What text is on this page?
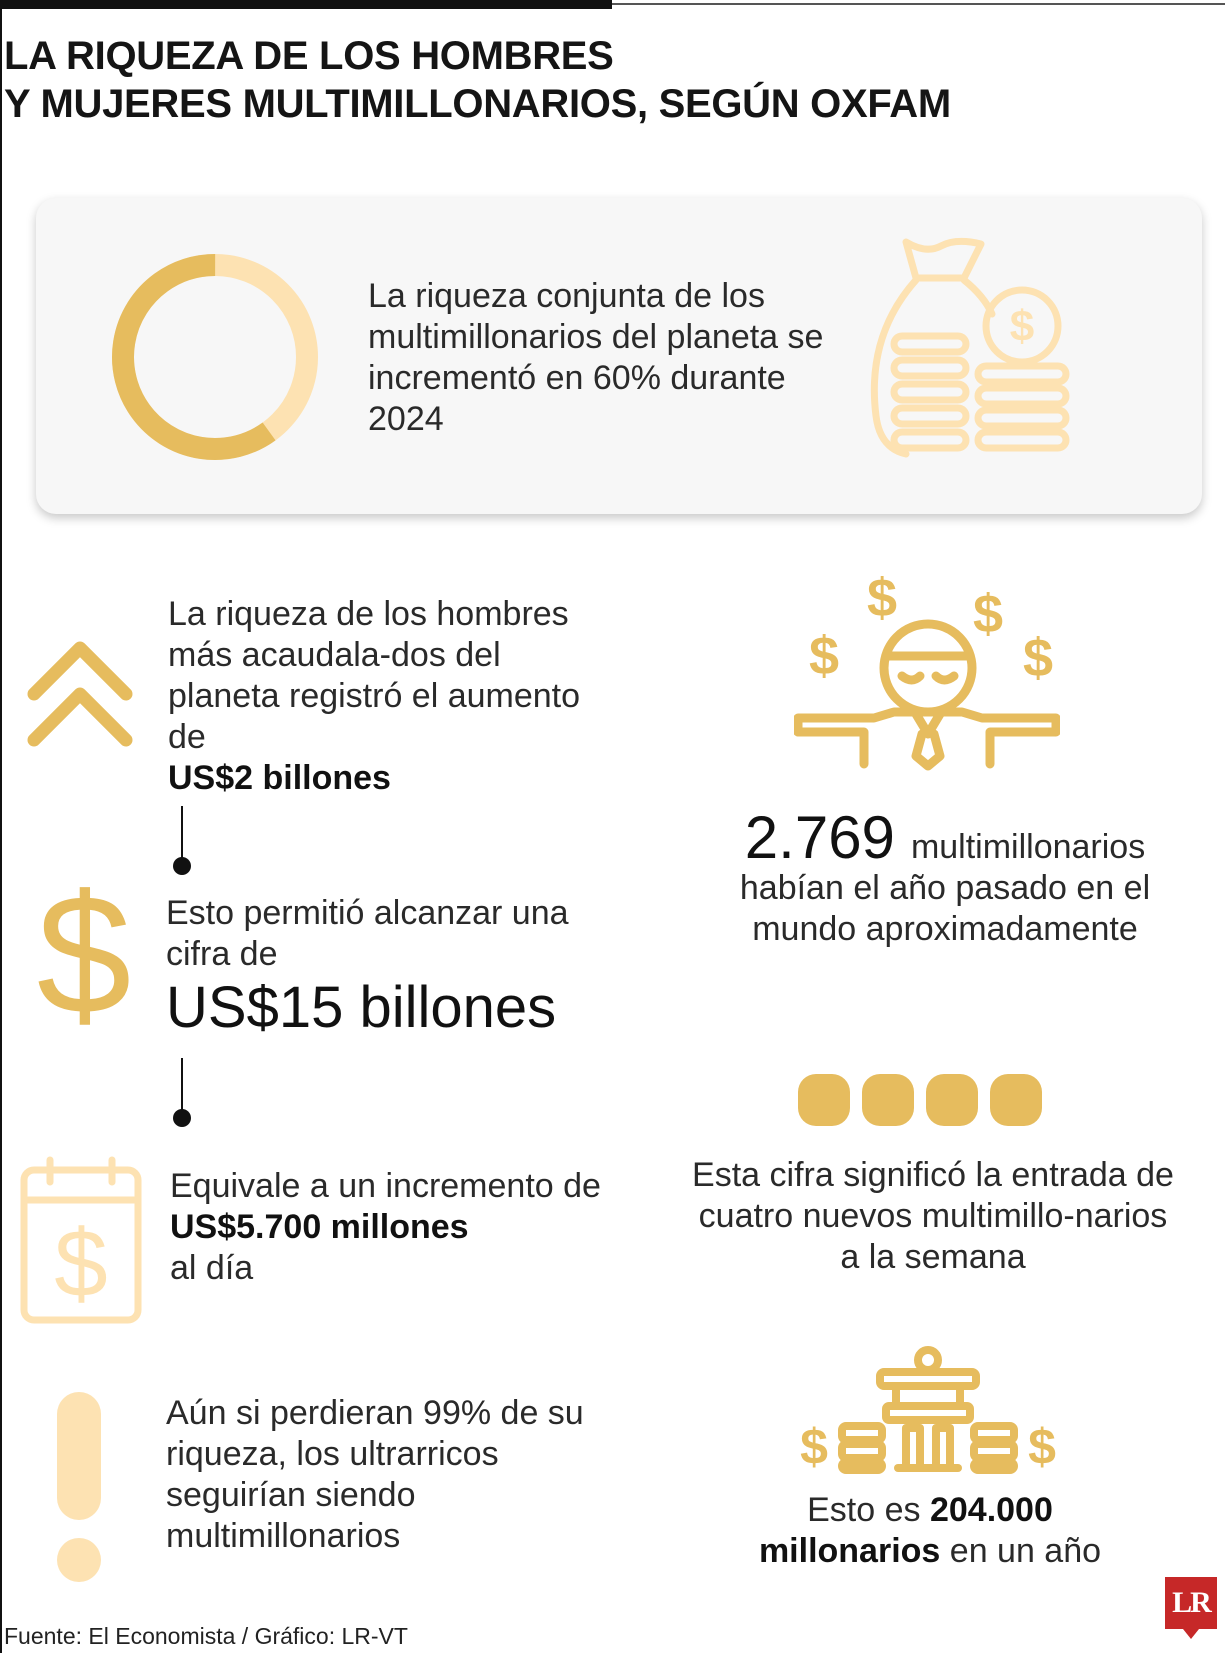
LA RIQUEZA DE LOS HOMBRES
Y MUJERES MULTIMILLONARIOS, SEGÚN OXFAM

La riqueza conjunta de los multimillonarios del planeta se incrementó en 60% durante 2024

$

La riqueza de los hombres más acaudala-dos del planeta registró el aumento de
US$2 billones

$ Esto permitió alcanzar una cifra de
US$15 billones

$

Equivale a un incremento de
US$5.700 millones
al día

Aún si perdieran 99% de su riqueza, los ultrarricos seguirían siendo multimillonarios

$ $
$	$

2.769 multimillonarios
habían el año pasado en el mundo aproximadamente

Esta cifra significó la entrada de cuatro nuevos multimillo-narios a la semana

$	$

Esto es 204.000
millonarios en un año

Fuente: El Economista / Gráfico: LR-VT

LR
